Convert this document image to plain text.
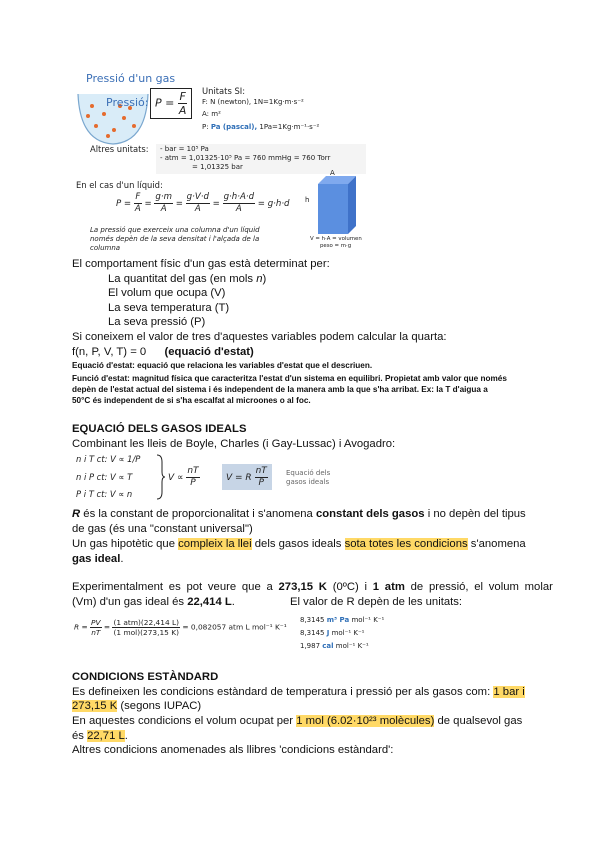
Pressió d'un gas
Pressió: $P = \frac{F}{A}$ Unitats SI:
F: N (newton), 1N=1Kg·m·s⁻²
A: m²
P: Pa (pascal), 1Pa=1Kg·m⁻¹·s⁻²
Altres unitats: - bar = 10⁵ Pa
- atm = 1,01325·10⁵ Pa = 760 mmHg = 760 Torr
= 1,01325 bar
En el cas d'un líquid:
$P = \frac{F}{A} = \frac{g\cdot m}{A} = \frac{g\cdot V\cdot d}{A} = \frac{g\cdot h\cdot A\cdot d}{A} = g\cdot h\cdot d$
La pressió que exerceix una columna d'un líquid
només depèn de la seva densitat i l'alçada de la
columna
h
A
V = h·A = volumen
peso = m·g
El comportament físic d'un gas està determinat per:
La quantitat del gas (en mols n)
El volum que ocupa (V)
La seva temperatura (T)
La seva pressió (P)
Si coneixem el valor de tres d'aquestes variables podem calcular la quarta:
f(n, P, V, T) = 0 (equació d'estat)
Equació d'estat: equació que relaciona les variables d'estat que el descriuen.
Funció d'estat: magnitud física que caracteritza l'estat d'un sistema en equilibri. Propietat amb valor que només
depèn de l'estat actual del sistema i és independent de la manera amb la que s'ha arribat. Ex: la T d'aigua a
50°C és independent de si s'ha escalfat al microones o al foc.
EQUACIÓ DELS GASOS IDEALS
Combinant les lleis de Boyle, Charles (i Gay-Lussac) i Avogadro:
n i T ct: V ∝ 1/P
n i P ct: V ∝ T
P i T ct: V ∝ n
$V \propto \frac{nT}{P}$	V = R $\frac{nT}{P}$	Equació dels
gasos ideals
R és la constant de proporcionalitat i s'anomena constant dels gasos i no depèn del tipus
de gas (és una "constant universal")
Un gas hipotètic que compleix la llei dels gasos ideals sota totes les condicions s'anomena
gas ideal.
Experimentalment es pot veure que a 273,15 K (0ºC) i 1 atm de pressió, el volum molar
(Vm) d'un gas ideal és 22,414 L.	El valor de R depèn de les unitats:
$R = \frac{PV}{nT} = \frac{\text{(1 atm)(22,414 L)}}{\text{(1 mol)(273,15 K)}} = 0,082057$ atm L mol⁻¹ K⁻¹
8,3145 m³ Pa mol⁻¹ K⁻¹
8,3145 J mol⁻¹ K⁻¹
1,987 cal mol⁻¹ K⁻¹
CONDICIONS ESTÀNDARD
Es defineixen les condicions estàndard de temperatura i pressió per als gasos com: 1 bar i
273,15 K (segons IUPAC)
En aquestes condicions el volum ocupat per 1 mol (6.02·10²³ molècules) de qualsevol gas
és 22,71 L.
Altres condicions anomenades als llibres 'condicions estàndard':
